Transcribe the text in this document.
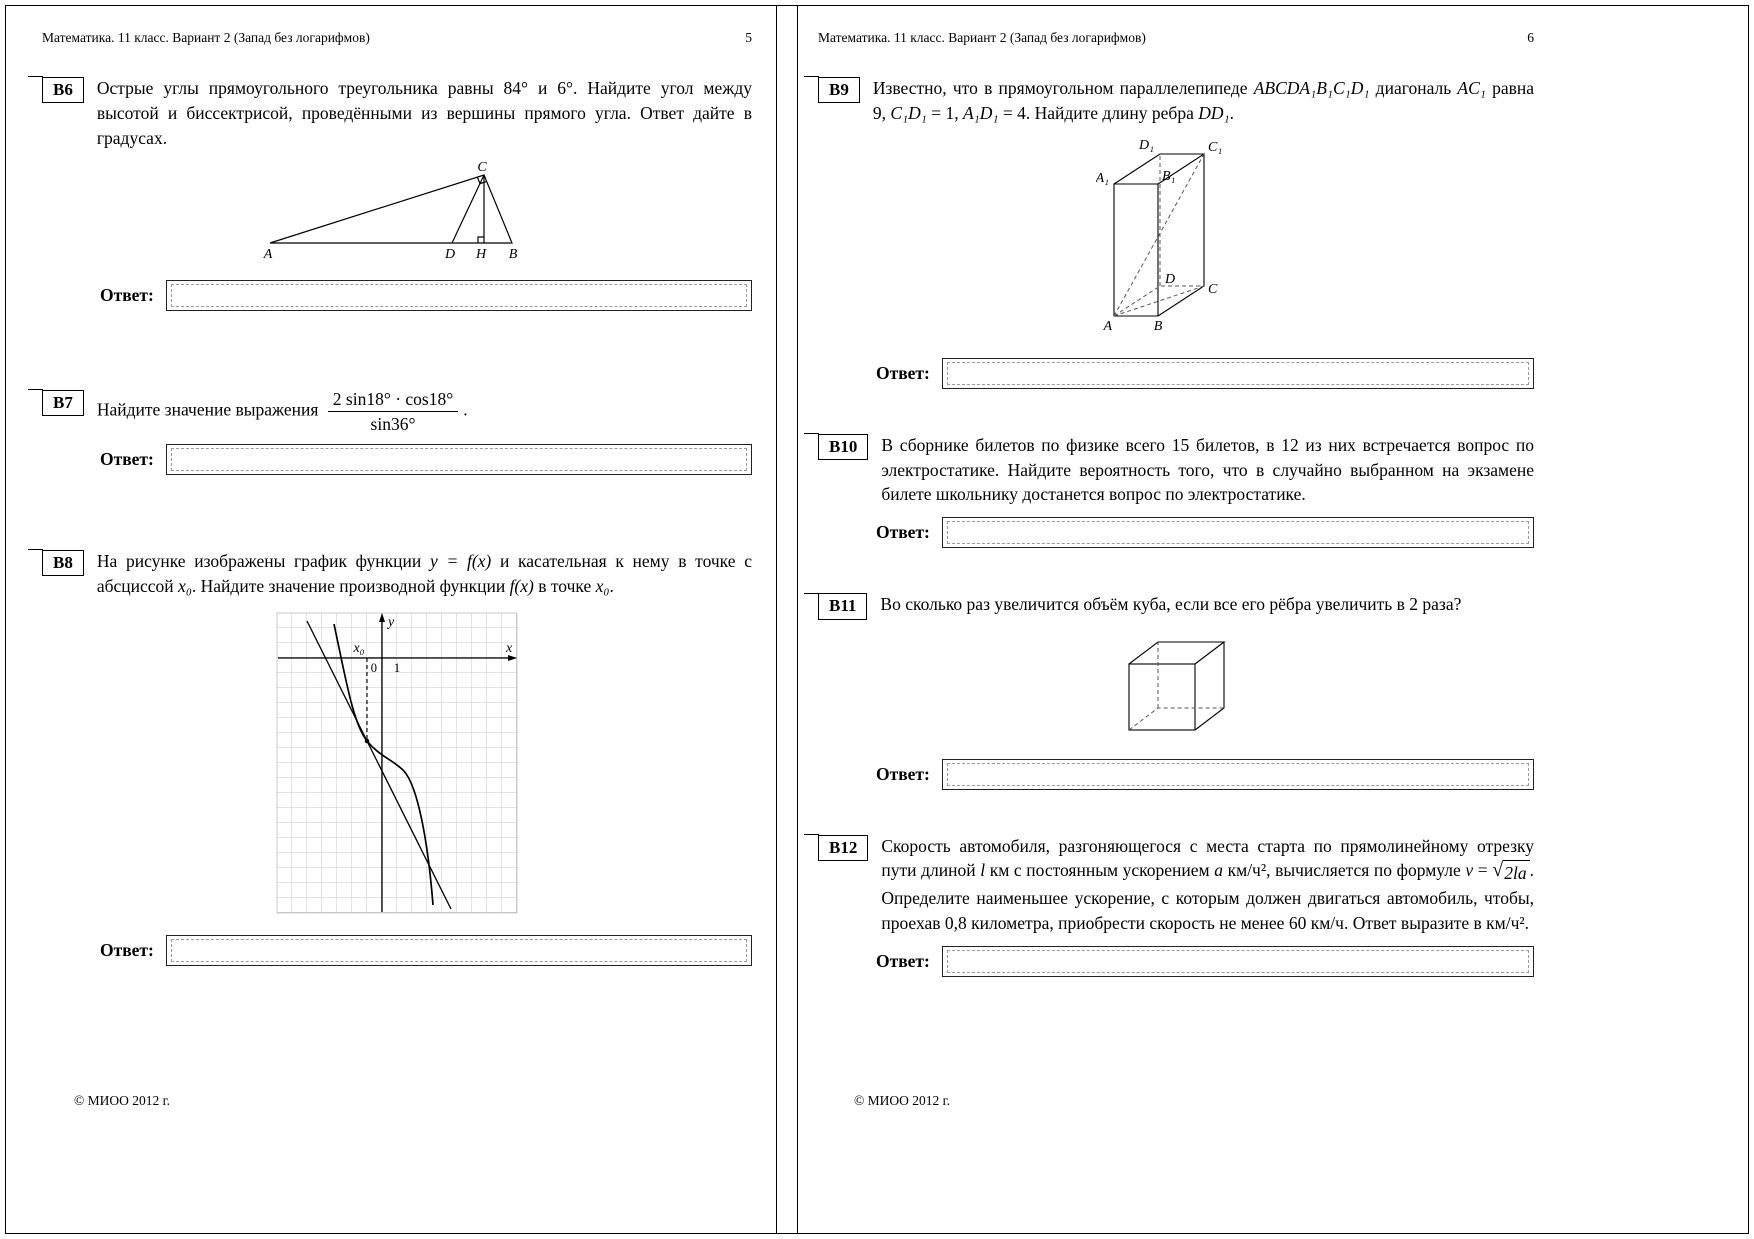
Математика. 11 класс. Вариант 2 (Запад без логарифмов)	5
В6	Острые углы прямоугольного треугольника равны 84° и 6°. Найдите угол между высотой и биссектрисой, проведёнными из вершины прямого угла. Ответ дайте в градусах.

A	D H B
C
Ответ:
В7	Найдите значение выражения $\frac{2 \sin 18^\circ \cdot \cos 18^\circ}{\sin 36^\circ}$ .

Ответ:
В8	На рисунке изображены график функции y = f(x) и касательная к нему в точке с абсциссой x₀. Найдите значение производной функции f(x) в точке x₀.

y
x
0 1
x₀
Ответ:
© МИОО 2012 г.
Математика. 11 класс. Вариант 2 (Запад без логарифмов)	6
В9	Известно, что в прямоугольном параллелепипеде ABCDA₁B₁C₁D₁ диагональ AC₁ равна 9, C₁D₁ = 1, A₁D₁ = 4. Найдите длину ребра DD₁.

A₁	B₁
D₁	C₁
A	B
C
D
Ответ:
В10	В сборнике билетов по физике всего 15 билетов, в 12 из них встречается вопрос по электростатике. Найдите вероятность того, что в случайно выбранном на экзамене билете школьнику достанется вопрос по электростатике.

Ответ:
В11	Во сколько раз увеличится объём куба, если все его рёбра увеличить в 2 раза?

Ответ:
В12	Скорость автомобиля, разгоняющегося с места старта по прямолинейному отрезку пути длиной l км с постоянным ускорением a км/ч², вычисляется по формуле v = √ 2la . Определите наименьшее ускорение, с которым должен двигаться автомобиль, чтобы, проехав 0,8 километра, приобрести скорость не менее 60 км/ч. Ответ выразите в км/ч².

Ответ:
© МИОО 2012 г.
